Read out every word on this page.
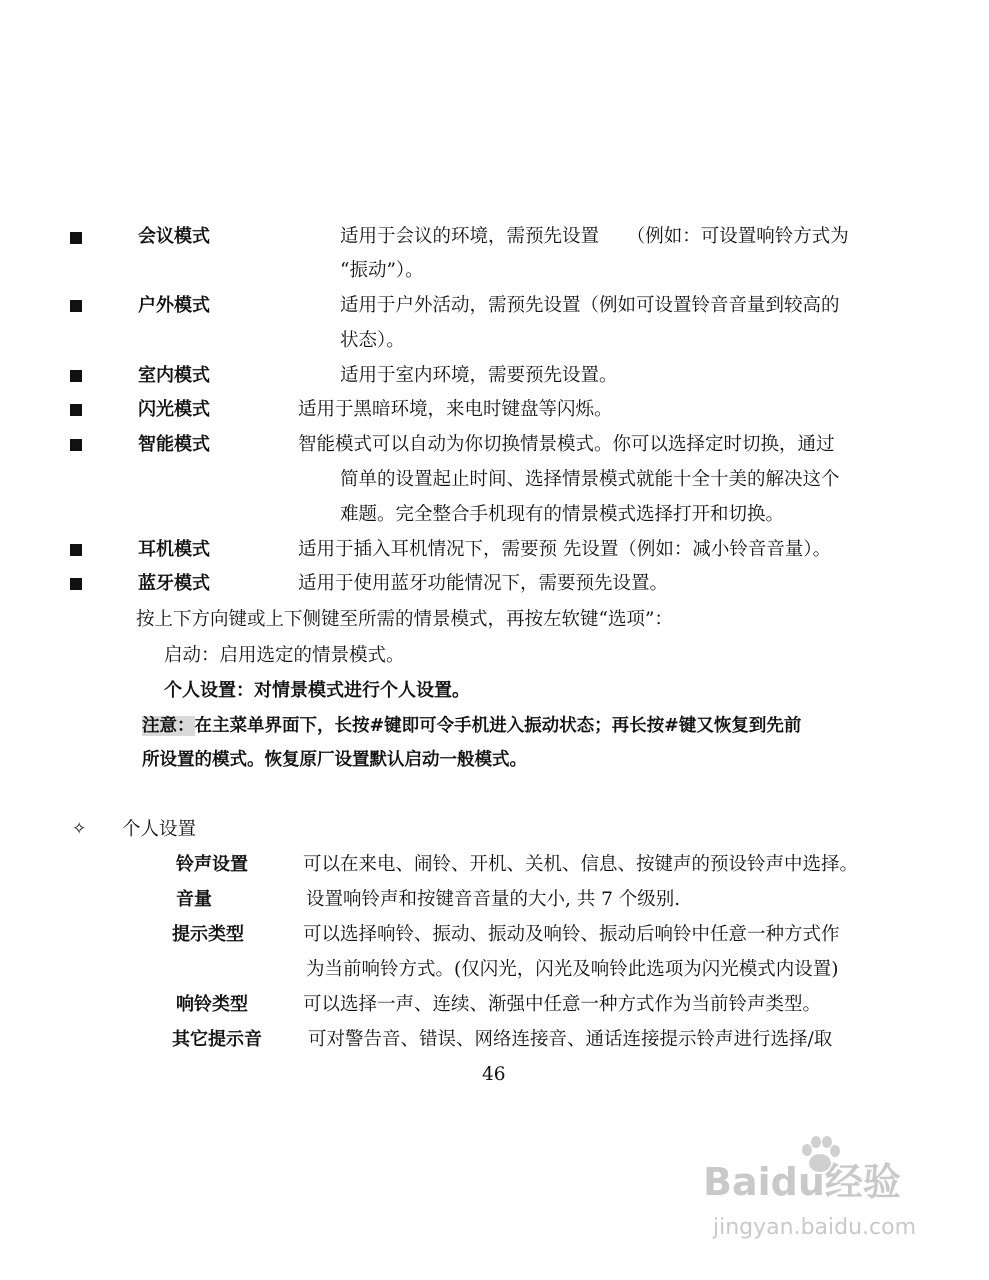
会议模式	适用于会议的环境，需预先设置　　（例如：可设置响铃方式为
“振动”）。
户外模式	适用于户外活动，需预先设置（例如可设置铃音音量到较高的
状态）。
室内模式	适用于室内环境，需要预先设置。
闪光模式	适用于黑暗环境，来电时键盘等闪烁。
智能模式	智能模式可以自动为你切换情景模式。你可以选择定时切换，通过
简单的设置起止时间、选择情景模式就能十全十美的解决这个
难题。完全整合手机现有的情景模式选择打开和切换。
耳机模式	适用于插入耳机情况下，需要预 先设置（例如：减小铃音音量）。
蓝牙模式	适用于使用蓝牙功能情况下，需要预先设置。
按上下方向键或上下侧键至所需的情景模式，再按左软键“选项”：
启动：启用选定的情景模式。
个人设置：对情景模式进行个人设置。
注意：在主菜单界面下，长按#键即可令手机进入振动状态；再长按#键又恢复到先前
所设置的模式。恢复原厂设置默认启动一般模式。
✧ 个人设置
铃声设置	可以在来电、闹铃、开机、关机、信息、按键声的预设铃声中选择。
音量	设置响铃声和按键音音量的大小, 共 7 个级别.
提示类型	可以选择响铃、振动、振动及响铃、振动后响铃中任意一种方式作
为当前响铃方式。(仅闪光，闪光及响铃此选项为闪光模式内设置)
响铃类型	可以选择一声、连续、渐强中任意一种方式作为当前铃声类型。
其它提示音 可对警告音、错误、网络连接音、通话连接提示铃声进行选择/取
46
Baidu经验
jingyan.baidu.com
